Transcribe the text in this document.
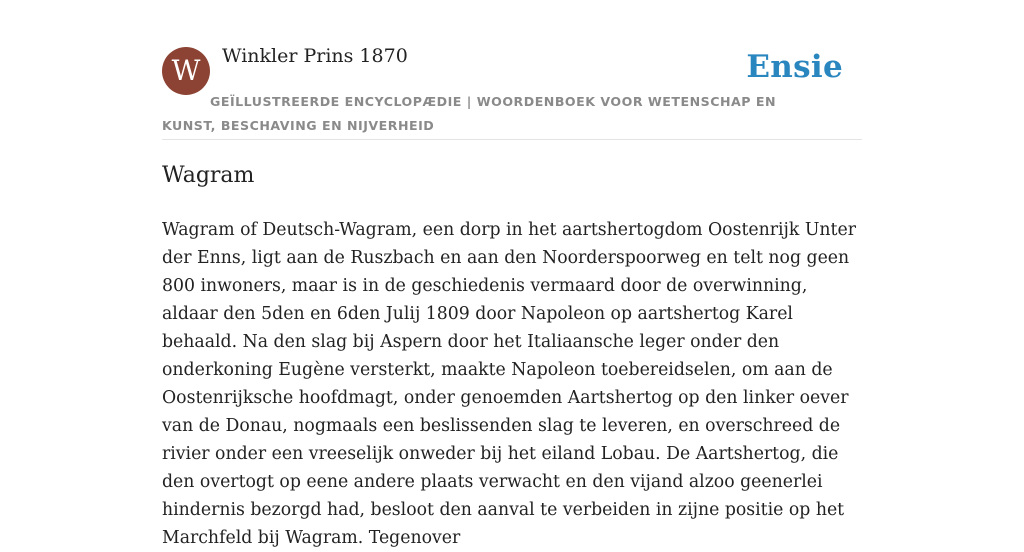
W	Winkler Prins 1870	Ensie
GEÏLLUSTREERDE ENCYCLOPÆDIE | WOORDENBOEK VOOR WETENSCHAP EN KUNST, BESCHAVING EN NIJVERHEID
Wagram

Wagram of Deutsch-Wagram, een dorp in het aartshertogdom Oostenrijk Unter der Enns, ligt aan de Ruszbach en aan den Noorderspoorweg en telt nog geen 800 inwoners, maar is in de geschiedenis vermaard door de overwinning, aldaar den 5den en 6den Julij 1809 door Napoleon op aartshertog Karel behaald. Na den slag bij Aspern door het Italiaansche leger onder den onderkoning Eugène versterkt, maakte Napoleon toebereidselen, om aan de Oostenrijksche hoofdmagt, onder genoemden Aartshertog op den linker oever van de Donau, nogmaals een beslissenden slag te leveren, en overschreed de rivier onder een vreeselijk onweder bij het eiland Lobau. De Aartshertog, die den overtogt op eene andere plaats verwacht en den vijand alzoo geenerlei hindernis bezorgd had, besloot den aanval te verbeiden in zijne positie op het Marchfeld bij Wagram. Tegenover
